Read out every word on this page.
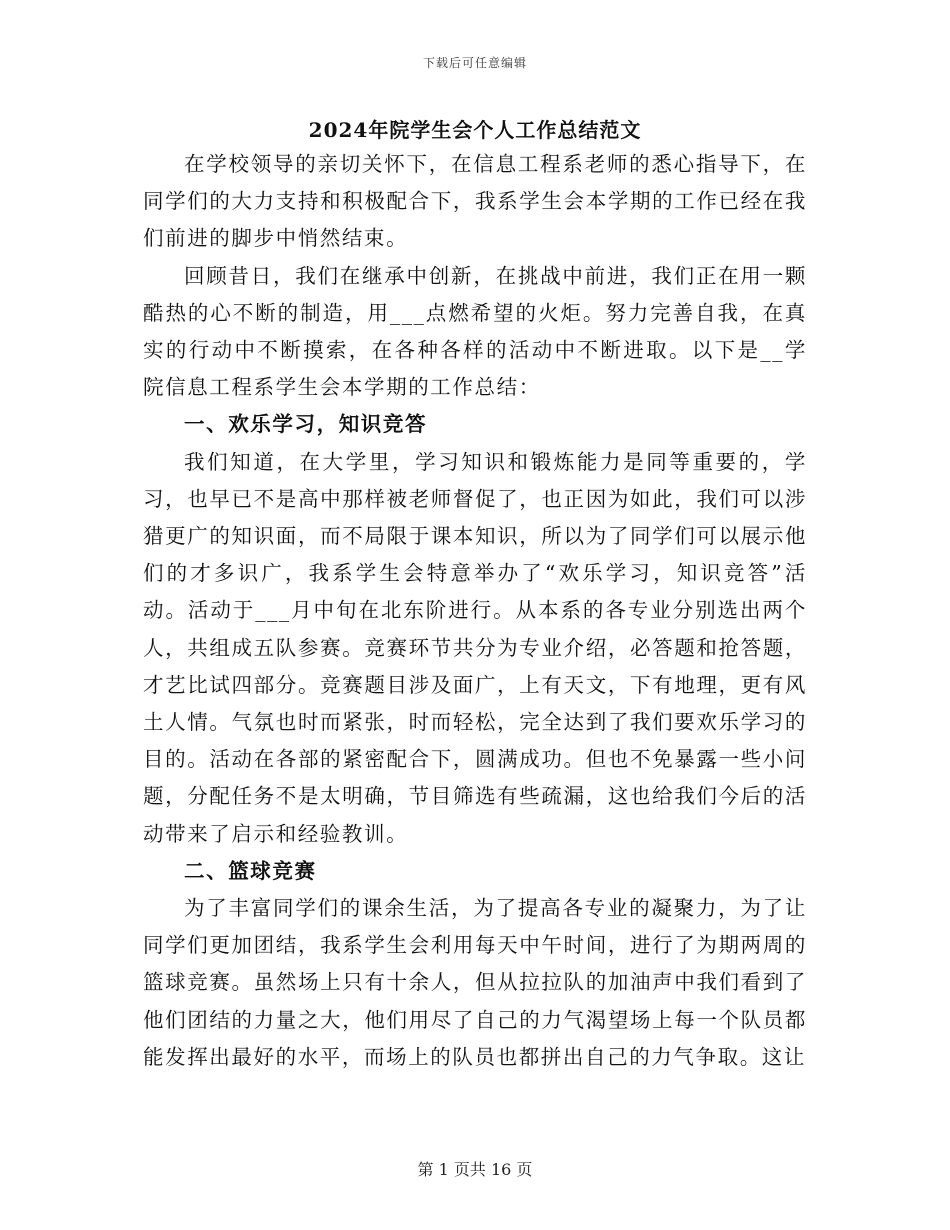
下载后可任意编辑
2024年院学生会个人工作总结范文

在学校领导的亲切关怀下，在信息工程系老师的悉心指导下，在同学们的大力支持和积极配合下，我系学生会本学期的工作已经在我们前进的脚步中悄然结束。

回顾昔日，我们在继承中创新，在挑战中前进，我们正在用一颗酷热的心不断的制造，用___点燃希望的火炬。努力完善自我，在真实的行动中不断摸索，在各种各样的活动中不断进取。以下是__学院信息工程系学生会本学期的工作总结：

一、欢乐学习，知识竞答

我们知道，在大学里，学习知识和锻炼能力是同等重要的，学习，也早已不是高中那样被老师督促了，也正因为如此，我们可以涉猎更广的知识面，而不局限于课本知识，所以为了同学们可以展示他们的才多识广，我系学生会特意举办了“欢乐学习，知识竞答”活动。活动于___月中旬在北东阶进行。从本系的各专业分别选出两个人，共组成五队参赛。竞赛环节共分为专业介绍，必答题和抢答题，才艺比试四部分。竞赛题目涉及面广，上有天文，下有地理，更有风土人情。气氛也时而紧张，时而轻松，完全达到了我们要欢乐学习的目的。活动在各部的紧密配合下，圆满成功。但也不免暴露一些小问题，分配任务不是太明确，节目筛选有些疏漏，这也给我们今后的活动带来了启示和经验教训。

二、篮球竞赛

为了丰富同学们的课余生活，为了提高各专业的凝聚力，为了让同学们更加团结，我系学生会利用每天中午时间，进行了为期两周的篮球竞赛。虽然场上只有十余人，但从拉拉队的加油声中我们看到了他们团结的力量之大，他们用尽了自己的力气渴望场上每一个队员都能发挥出最好的水平，而场上的队员也都拼出自己的力气争取。这让

第 1 页共 16 页
